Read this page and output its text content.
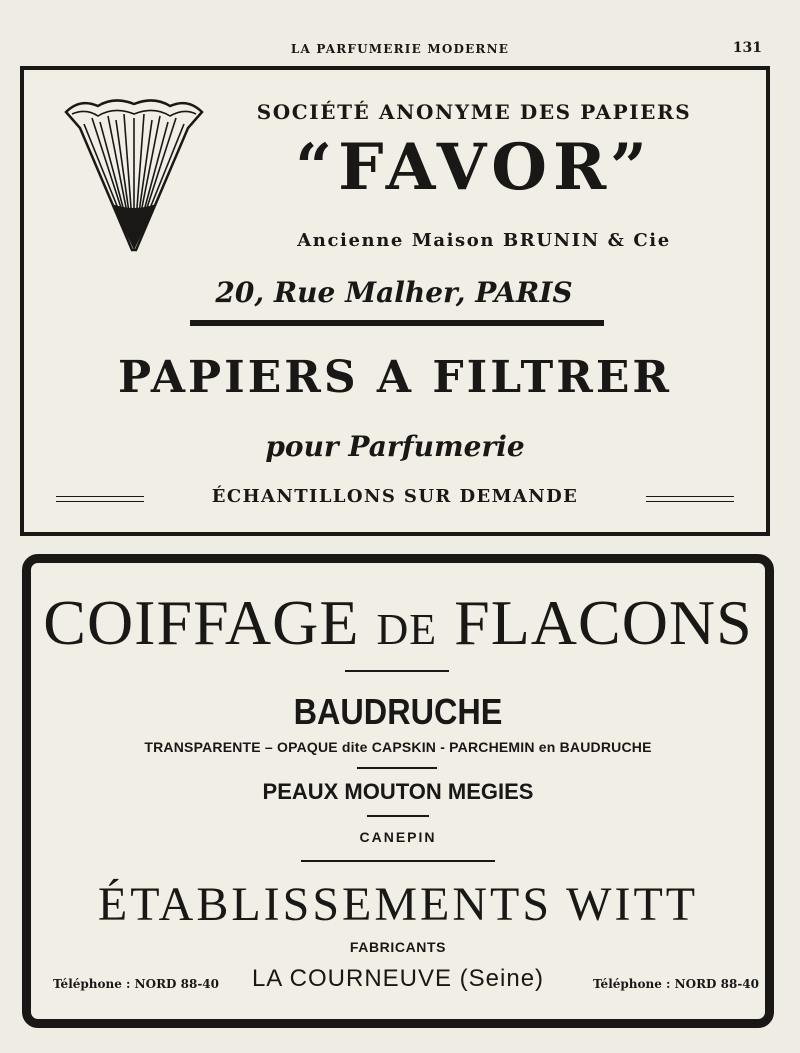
LA PARFUMERIE MODERNE	131
SOCIÉTÉ ANONYME DES PAPIERS
“FAVOR”
Ancienne Maison BRUNIN & Cie
20, Rue Malher, PARIS
PAPIERS A FILTRER
pour Parfumerie
ÉCHANTILLONS SUR DEMANDE
COIFFAGE DE FLACONS
BAUDRUCHE
TRANSPARENTE – OPAQUE dite CAPSKIN - PARCHEMIN en BAUDRUCHE
PEAUX MOUTON MEGIES
CANEPIN
ÉTABLISSEMENTS WITT
FABRICANTS
LA COURNEUVE (Seine)
Téléphone : NORD 88-40	Téléphone : NORD 88-40
